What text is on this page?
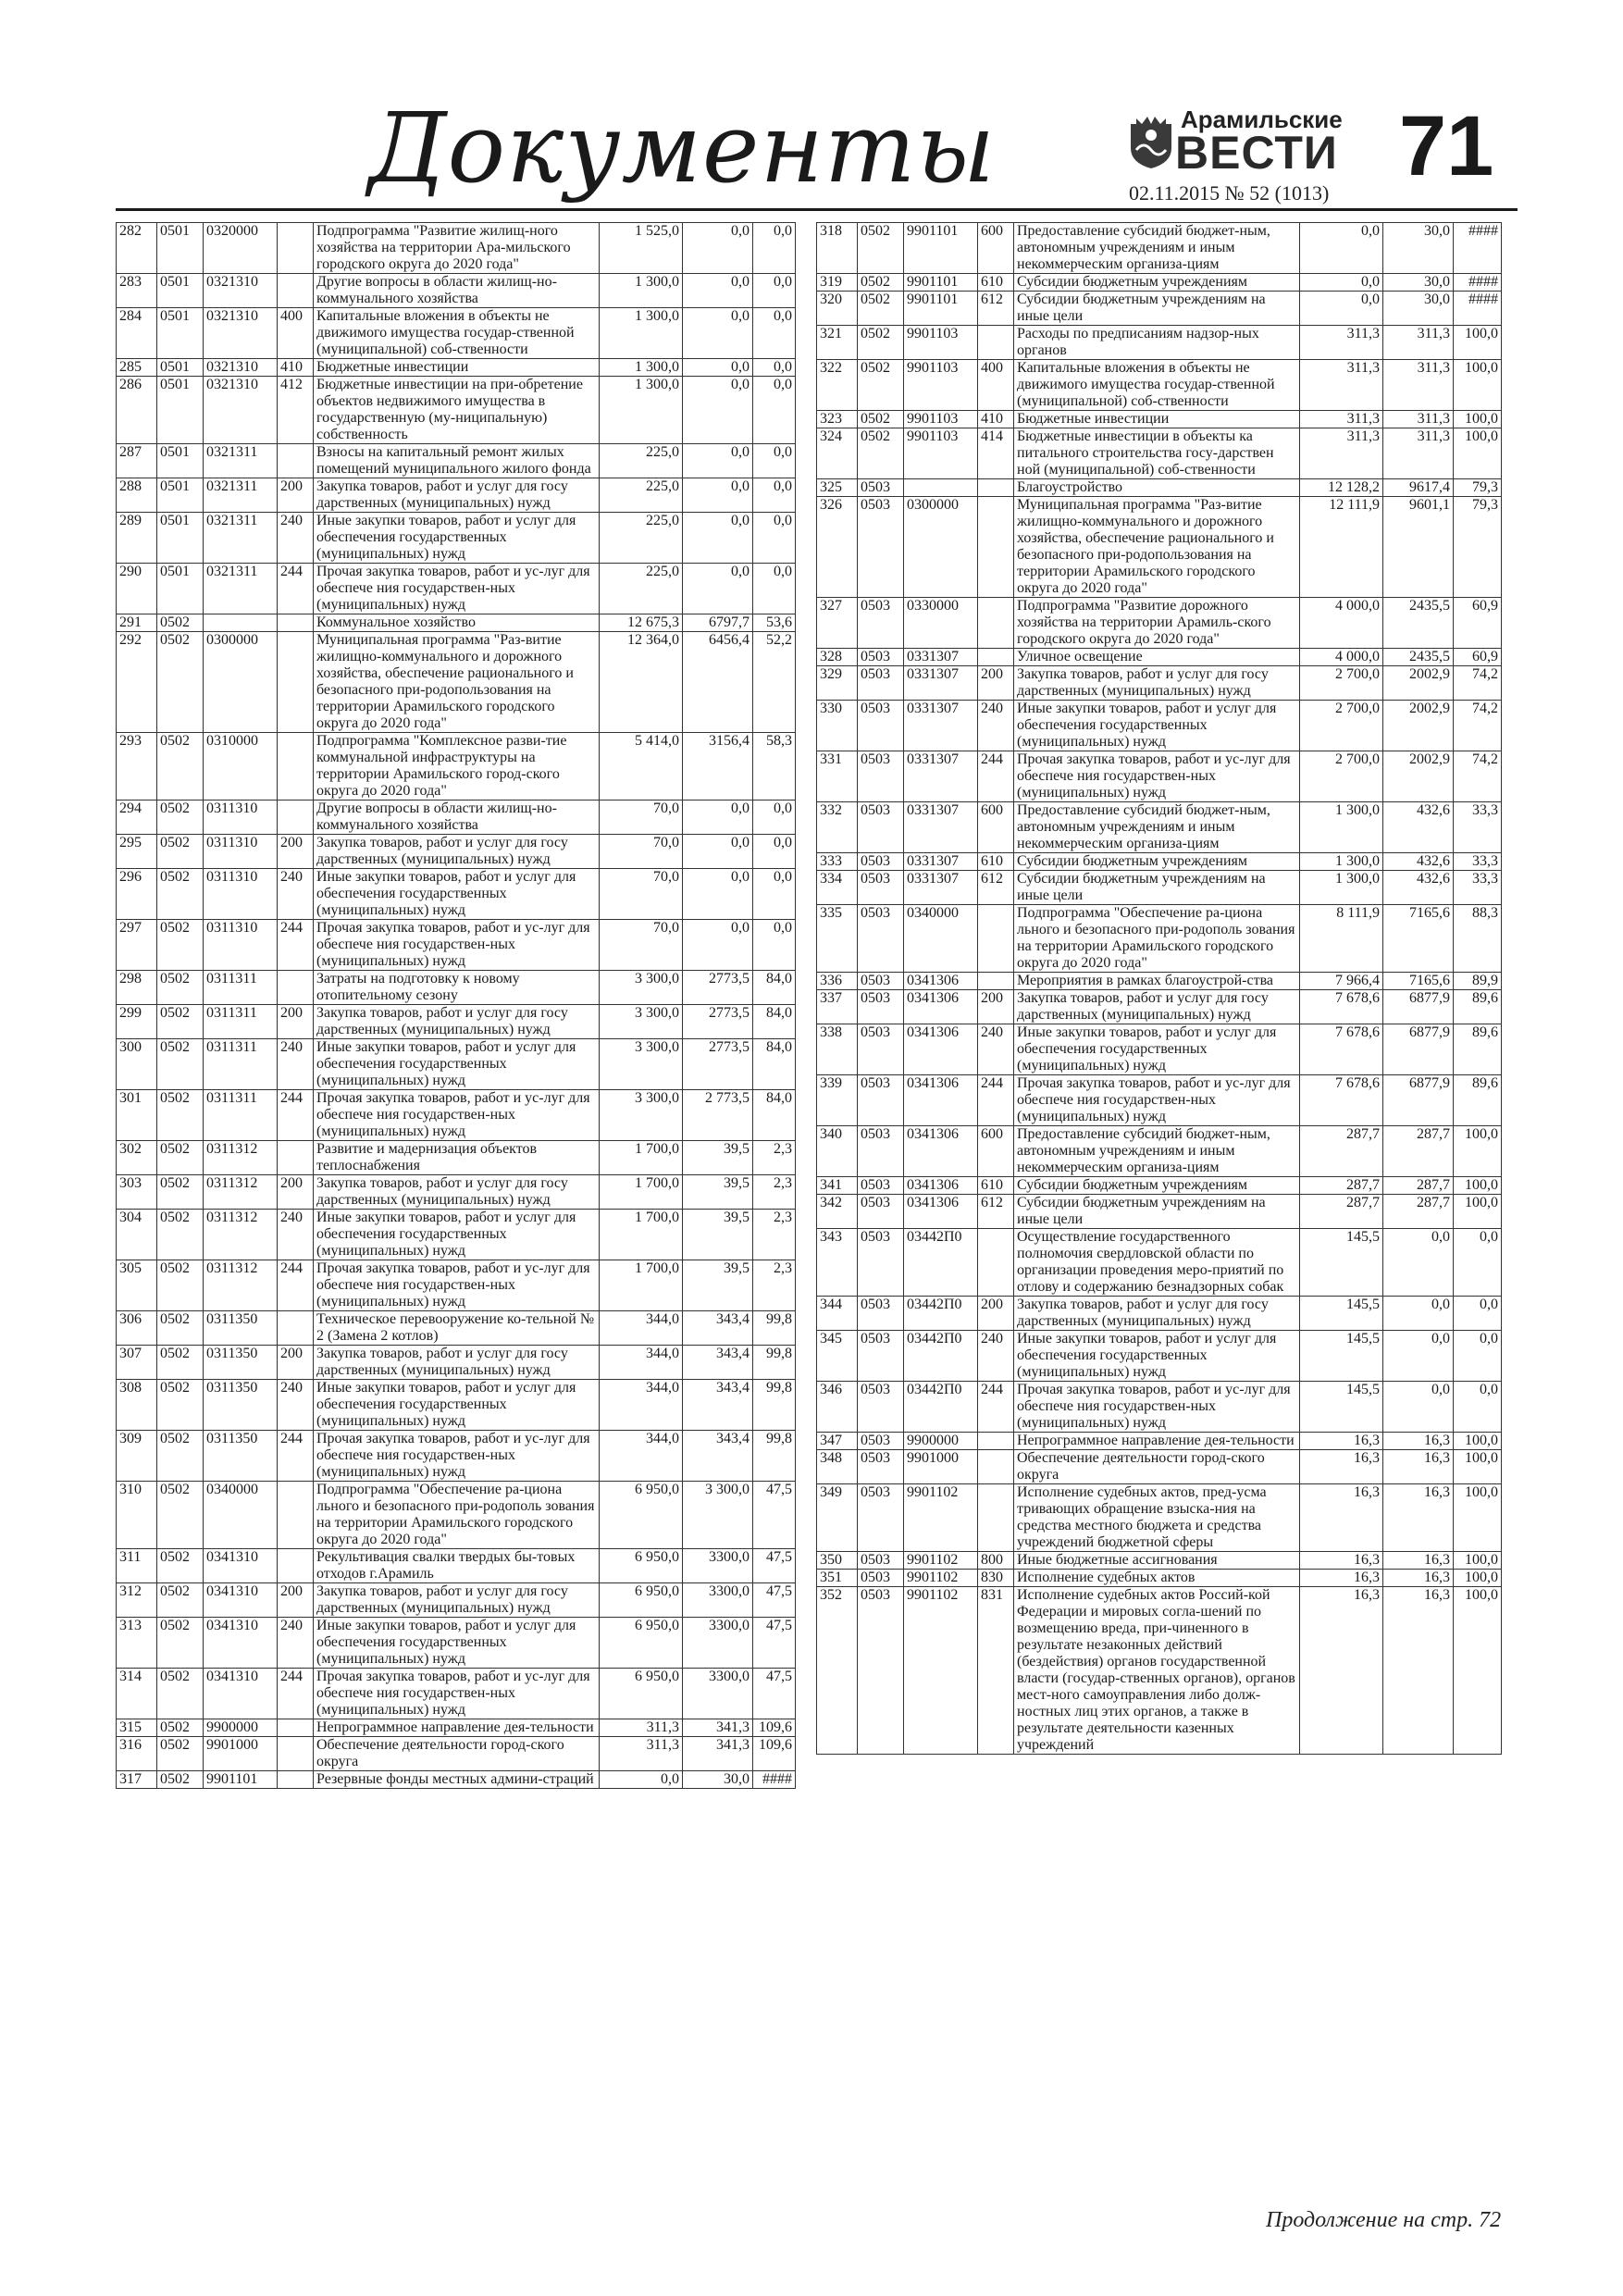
Документы	Арамильские
ВЕСТИ
02.11.2015 № 52 (1013) 71
282	0501	0320000		Подпрограмма "Развитие жилищ-ного хозяйства на территории Ара-мильского городского округа до 2020 года"	1 525,0	0,0	0,0
283	0501	0321310		Другие вопросы в области жилищ-но-коммунального хозяйства	1 300,0	0,0	0,0
284	0501	0321310	400	Капитальные вложения в объекты не движимого имущества государ-ственной (муниципальной) соб-ственности	1 300,0	0,0	0,0
285	0501	0321310	410	Бюджетные инвестиции	1 300,0	0,0	0,0
286	0501	0321310	412	Бюджетные инвестиции на при-обретение объектов недвижимого имущества в государственную (му-ниципальную) собственность	1 300,0	0,0	0,0
287	0501	0321311		Взносы на капитальный ремонт жилых помещений муниципального жилого фонда	225,0	0,0	0,0
288	0501	0321311	200	Закупка товаров, работ и услуг для госу дарственных (муниципальных) нужд	225,0	0,0	0,0
289	0501	0321311	240	Иные закупки товаров, работ и услуг для обеспечения государственных (муниципальных) нужд	225,0	0,0	0,0
290	0501	0321311	244	Прочая закупка товаров, работ и ус-луг для обеспече ния государствен-ных (муниципальных) нужд	225,0	0,0	0,0
291	0502			Коммунальное хозяйство	12 675,3	6797,7	53,6
292	0502	0300000		Муниципальная программа "Раз-витие жилищно-коммунального и дорожного хозяйства, обеспечение рационального и безопасного при-родопользования на территории Арамильского городского округа до 2020 года"	12 364,0	6456,4	52,2
293	0502	0310000		Подпрограмма "Комплексное разви-тие коммунальной инфраструктуры на территории Арамильского город-ского округа до 2020 года"	5 414,0	3156,4	58,3
294	0502	0311310		Другие вопросы в области жилищ-но-коммунального хозяйства	70,0	0,0	0,0
295	0502	0311310	200	Закупка товаров, работ и услуг для госу дарственных (муниципальных) нужд	70,0	0,0	0,0
296	0502	0311310	240	Иные закупки товаров, работ и услуг для обеспечения государственных (муниципальных) нужд	70,0	0,0	0,0
297	0502	0311310	244	Прочая закупка товаров, работ и ус-луг для обеспече ния государствен-ных (муниципальных) нужд	70,0	0,0	0,0
298	0502	0311311		Затраты на подготовку к новому отопительному сезону	3 300,0	2773,5	84,0
299	0502	0311311	200	Закупка товаров, работ и услуг для госу дарственных (муниципальных) нужд	3 300,0	2773,5	84,0
300	0502	0311311	240	Иные закупки товаров, работ и услуг для обеспечения государственных (муниципальных) нужд	3 300,0	2773,5	84,0
301	0502	0311311	244	Прочая закупка товаров, работ и ус-луг для обеспече ния государствен-ных (муниципальных) нужд	3 300,0	2 773,5	84,0
302	0502	0311312		Развитие и мадернизация объектов теплоснабжения	1 700,0	39,5	2,3
303	0502	0311312	200	Закупка товаров, работ и услуг для госу дарственных (муниципальных) нужд	1 700,0	39,5	2,3
304	0502	0311312	240	Иные закупки товаров, работ и услуг для обеспечения государственных (муниципальных) нужд	1 700,0	39,5	2,3
305	0502	0311312	244	Прочая закупка товаров, работ и ус-луг для обеспече ния государствен-ных (муниципальных) нужд	1 700,0	39,5	2,3
306	0502	0311350		Техническое перевооружение ко-тельной № 2 (Замена 2 котлов)	344,0	343,4	99,8
307	0502	0311350	200	Закупка товаров, работ и услуг для госу дарственных (муниципальных) нужд	344,0	343,4	99,8
308	0502	0311350	240	Иные закупки товаров, работ и услуг для обеспечения государственных (муниципальных) нужд	344,0	343,4	99,8
309	0502	0311350	244	Прочая закупка товаров, работ и ус-луг для обеспече ния государствен-ных (муниципальных) нужд	344,0	343,4	99,8
310	0502	0340000		Подпрограмма "Обеспечение ра-циона льного и безопасного при-родополь зования на территории Арамильского городского округа до 2020 года"	6 950,0	3 300,0	47,5
311	0502	0341310		Рекультивация свалки твердых бы-товых отходов г.Арамиль	6 950,0	3300,0	47,5
312	0502	0341310	200	Закупка товаров, работ и услуг для госу дарственных (муниципальных) нужд	6 950,0	3300,0	47,5
313	0502	0341310	240	Иные закупки товаров, работ и услуг для обеспечения государственных (муниципальных) нужд	6 950,0	3300,0	47,5
314	0502	0341310	244	Прочая закупка товаров, работ и ус-луг для обеспече ния государствен-ных (муниципальных) нужд	6 950,0	3300,0	47,5
315	0502	9900000		Непрограммное направление дея-тельности	311,3	341,3	109,6
316	0502	9901000		Обеспечение деятельности город-ского округа	311,3	341,3	109,6
317	0502	9901101		Резервные фонды местных админи-страций	0,0	30,0	####
318	0502	9901101	600	Предоставление субсидий бюджет-ным, автономным учреждениям и иным некоммерческим организа-циям	0,0	30,0	####
319	0502	9901101	610	Субсидии бюджетным учреждениям	0,0	30,0	####
320	0502	9901101	612	Субсидии бюджетным учреждениям на иные цели	0,0	30,0	####
321	0502	9901103		Расходы по предписаниям надзор-ных органов	311,3	311,3	100,0
322	0502	9901103	400	Капитальные вложения в объекты не движимого имущества государ-ственной (муниципальной) соб-ственности	311,3	311,3	100,0
323	0502	9901103	410	Бюджетные инвестиции	311,3	311,3	100,0
324	0502	9901103	414	Бюджетные инвестиции в объекты ка питального строительства госу-дарствен ной (муниципальной) соб-ственности	311,3	311,3	100,0
325	0503			Благоустройство	12 128,2	9617,4	79,3
326	0503	0300000		Муниципальная программа "Раз-витие жилищно-коммунального и дорожного хозяйства, обеспечение рационального и безопасного при-родопользования на территории Арамильского городского округа до 2020 года"	12 111,9	9601,1	79,3
327	0503	0330000		Подпрограмма "Развитие дорожного хозяйства на территории Арамиль-ского городского округа до 2020 года"	4 000,0	2435,5	60,9
328	0503	0331307		Уличное освещение	4 000,0	2435,5	60,9
329	0503	0331307	200	Закупка товаров, работ и услуг для госу дарственных (муниципальных) нужд	2 700,0	2002,9	74,2
330	0503	0331307	240	Иные закупки товаров, работ и услуг для обеспечения государственных (муниципальных) нужд	2 700,0	2002,9	74,2
331	0503	0331307	244	Прочая закупка товаров, работ и ус-луг для обеспече ния государствен-ных (муниципальных) нужд	2 700,0	2002,9	74,2
332	0503	0331307	600	Предоставление субсидий бюджет-ным, автономным учреждениям и иным некоммерческим организа-циям	1 300,0	432,6	33,3
333	0503	0331307	610	Субсидии бюджетным учреждениям	1 300,0	432,6	33,3
334	0503	0331307	612	Субсидии бюджетным учреждениям на иные цели	1 300,0	432,6	33,3
335	0503	0340000		Подпрограмма "Обеспечение ра-циона льного и безопасного при-родополь зования на территории Арамильского городского округа до 2020 года"	8 111,9	7165,6	88,3
336	0503	0341306		Мероприятия в рамках благоустрой-ства	7 966,4	7165,6	89,9
337	0503	0341306	200	Закупка товаров, работ и услуг для госу дарственных (муниципальных) нужд	7 678,6	6877,9	89,6
338	0503	0341306	240	Иные закупки товаров, работ и услуг для обеспечения государственных (муниципальных) нужд	7 678,6	6877,9	89,6
339	0503	0341306	244	Прочая закупка товаров, работ и ус-луг для обеспече ния государствен-ных (муниципальных) нужд	7 678,6	6877,9	89,6
340	0503	0341306	600	Предоставление субсидий бюджет-ным, автономным учреждениям и иным некоммерческим организа-циям	287,7	287,7	100,0
341	0503	0341306	610	Субсидии бюджетным учреждениям	287,7	287,7	100,0
342	0503	0341306	612	Субсидии бюджетным учреждениям на иные цели	287,7	287,7	100,0
343	0503	03442П0		Осуществление государственного полномочия свердловской области по организации проведения меро-приятий по отлову и содержанию безнадзорных собак	145,5	0,0	0,0
344	0503	03442П0	200	Закупка товаров, работ и услуг для госу дарственных (муниципальных) нужд	145,5	0,0	0,0
345	0503	03442П0	240	Иные закупки товаров, работ и услуг для обеспечения государственных (муниципальных) нужд	145,5	0,0	0,0
346	0503	03442П0	244	Прочая закупка товаров, работ и ус-луг для обеспече ния государствен-ных (муниципальных) нужд	145,5	0,0	0,0
347	0503	9900000		Непрограммное направление дея-тельности	16,3	16,3	100,0
348	0503	9901000		Обеспечение деятельности город-ского округа	16,3	16,3	100,0
349	0503	9901102		Исполнение судебных актов, пред-усма тривающих обращение взыска-ния на средства местного бюджета и средства учреждений бюджетной сферы	16,3	16,3	100,0
350	0503	9901102	800	Иные бюджетные ассигнования	16,3	16,3	100,0
351	0503	9901102	830	Исполнение судебных актов	16,3	16,3	100,0
352	0503	9901102	831	Исполнение судебных актов Россий-кой Федерации и мировых согла-шений по возмещению вреда, при-чиненного в результате незаконных действий (бездействия) органов государственной власти (государ-ственных органов), органов мест-ного самоуправления либо долж-ностных лиц этих органов, а также в результате деятельности казенных учреждений	16,3	16,3	100,0
Продолжение на стр. 72
